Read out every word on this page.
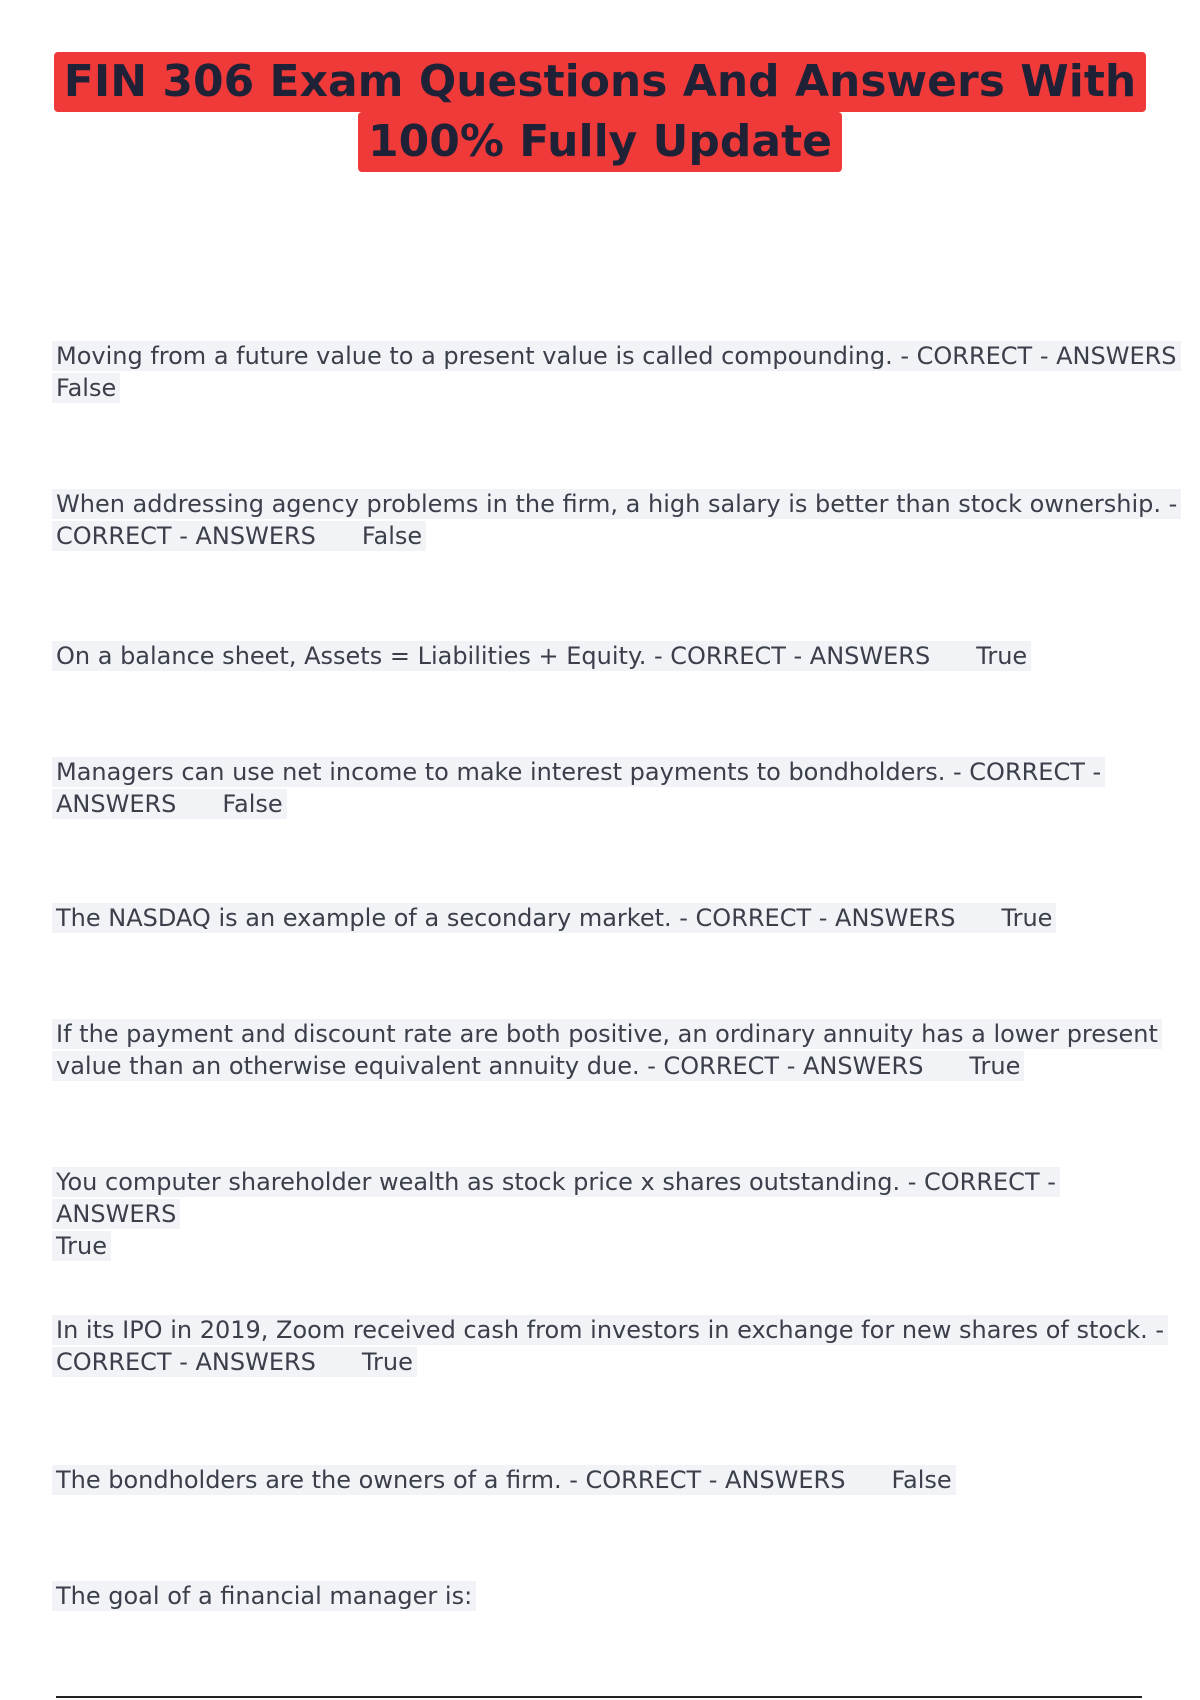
FIN 306 Exam Questions And Answers With
100% Fully Update
Moving from a future value to a present value is called compounding. - CORRECT - ANSWERS
False
When addressing agency problems in the firm, a high salary is better than stock ownership. -
CORRECT - ANSWERS False
On a balance sheet, Assets = Liabilities + Equity. - CORRECT - ANSWERS True
Managers can use net income to make interest payments to bondholders. - CORRECT -
ANSWERS False
The NASDAQ is an example of a secondary market. - CORRECT - ANSWERS True
If the payment and discount rate are both positive, an ordinary annuity has a lower present
value than an otherwise equivalent annuity due. - CORRECT - ANSWERS True
You computer shareholder wealth as stock price x shares outstanding. - CORRECT - ANSWERS
True
In its IPO in 2019, Zoom received cash from investors in exchange for new shares of stock. -
CORRECT - ANSWERS True
The bondholders are the owners of a firm. - CORRECT - ANSWERS False
The goal of a financial manager is:
